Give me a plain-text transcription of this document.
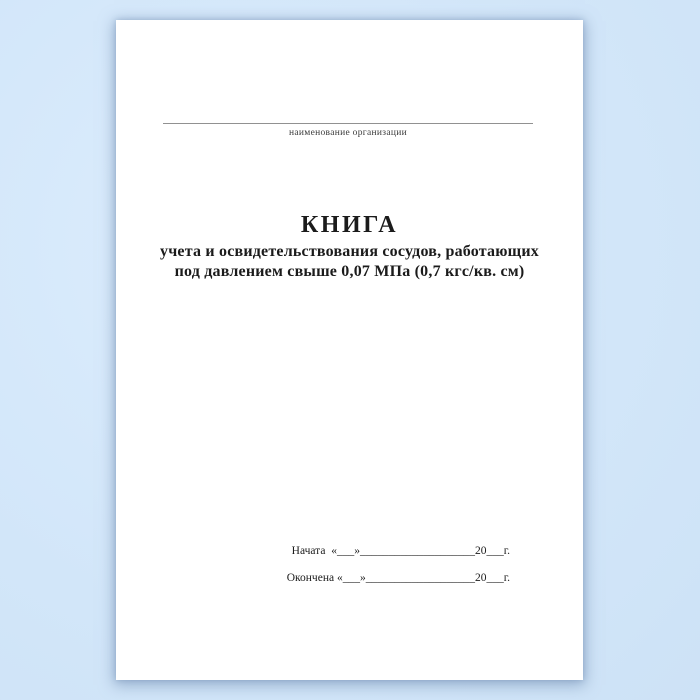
наименование организации
КНИГА
учета и освидетельствования сосудов, работающих
под давлением свыше 0,07 МПа (0,7 кгс/кв. см)
Начата  «___»____________________20___г.
Окончена «___»___________________20___г.
